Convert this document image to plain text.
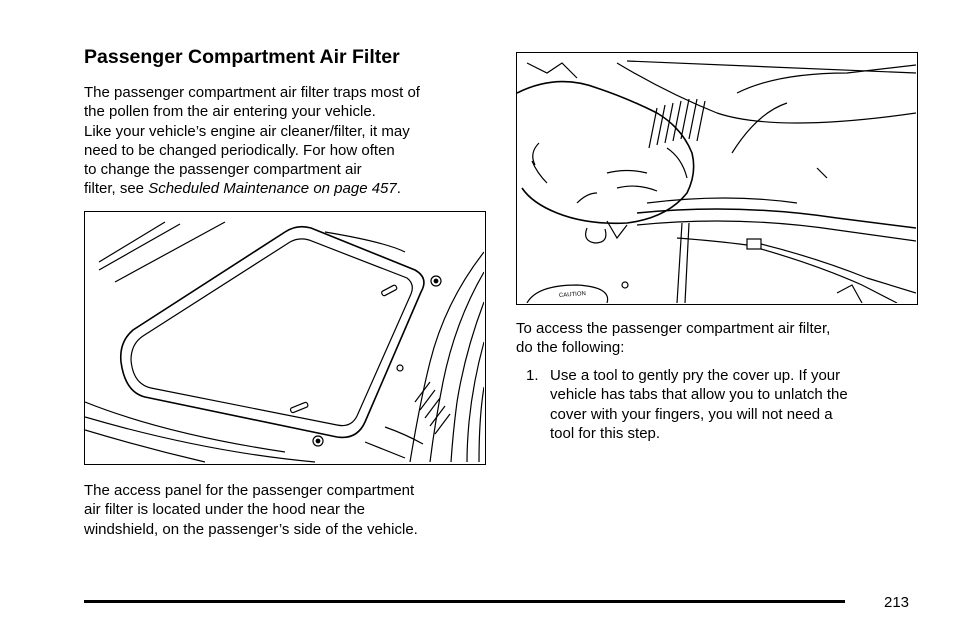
Passenger Compartment Air Filter

The passenger compartment air filter traps most of
the pollen from the air entering your vehicle.
Like your vehicle’s engine air cleaner/filter, it may
need to be changed periodically. For how often
to change the passenger compartment air
filter, see Scheduled Maintenance on page 457.

The access panel for the passenger compartment
air filter is located under the hood near the
windshield, on the passenger’s side of the vehicle.

CAUTION

To access the passenger compartment air filter,
do the following:

1. Use a tool to gently pry the cover up. If your
vehicle has tabs that allow you to unlatch the
cover with your fingers, you will not need a
tool for this step.
213
